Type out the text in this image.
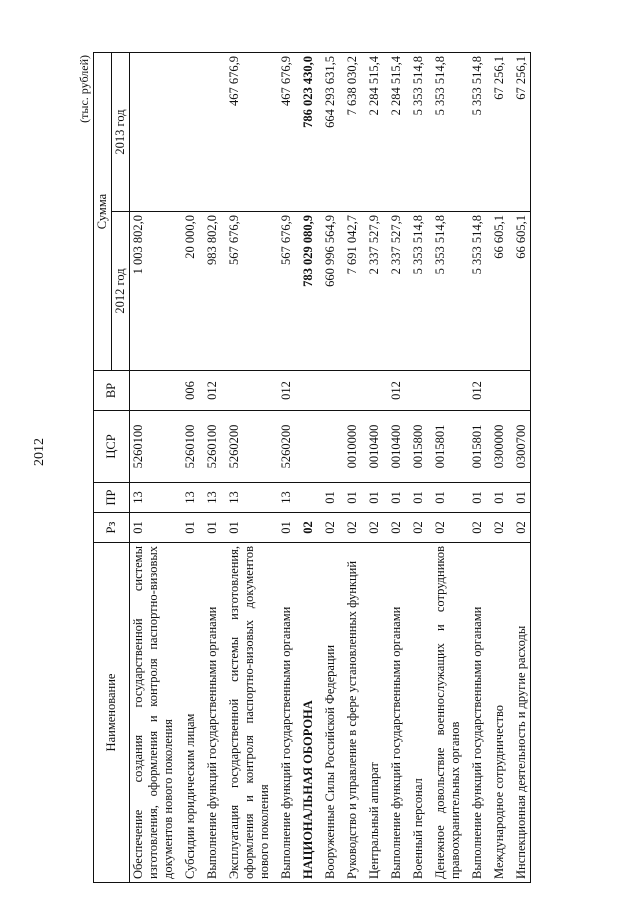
2012
(тыс. рублей)
Наименование	Рз	ПР	ЦСР	ВР	Сумма	
					2012 год	2013 год
Обеспечение создания государственной системы изготовления, оформления и контроля паспортно-визовых документов нового поколения	01	13	5260100		1 003 802,0	
Субсидии юридическим лицам	01	13	5260100	006	20 000,0	
Выполнение функций государственными органами	01	13	5260100	012	983 802,0	
Эксплуатация государственной системы изготовления, оформления и контроля паспортно-визовых документов нового поколения	01	13	5260200		567 676,9	467 676,9
Выполнение функций государственными органами	01	13	5260200	012	567 676,9	467 676,9
НАЦИОНАЛЬНАЯ ОБОРОНА	02				783 029 080,9	786 023 430,0
Вооруженные Силы Российской Федерации	02	01			660 996 564,9	664 293 631,5
Руководство и управление в сфере установленных функций	02	01	0010000		7 691 042,7	7 638 030,2
Центральный аппарат	02	01	0010400		2 337 527,9	2 284 515,4
Выполнение функций государственными органами	02	01	0010400	012	2 337 527,9	2 284 515,4
Военный персонал	02	01	0015800		5 353 514,8	5 353 514,8
Денежное довольствие военнослужащих и сотрудников правоохранительных органов	02	01	0015801		5 353 514,8	5 353 514,8
Выполнение функций государственными органами	02	01	0015801	012	5 353 514,8	5 353 514,8
Международное сотрудничество	02	01	0300000		66 605,1	67 256,1
Инспекционная деятельность и другие расходы	02	01	0300700		66 605,1	67 256,1
